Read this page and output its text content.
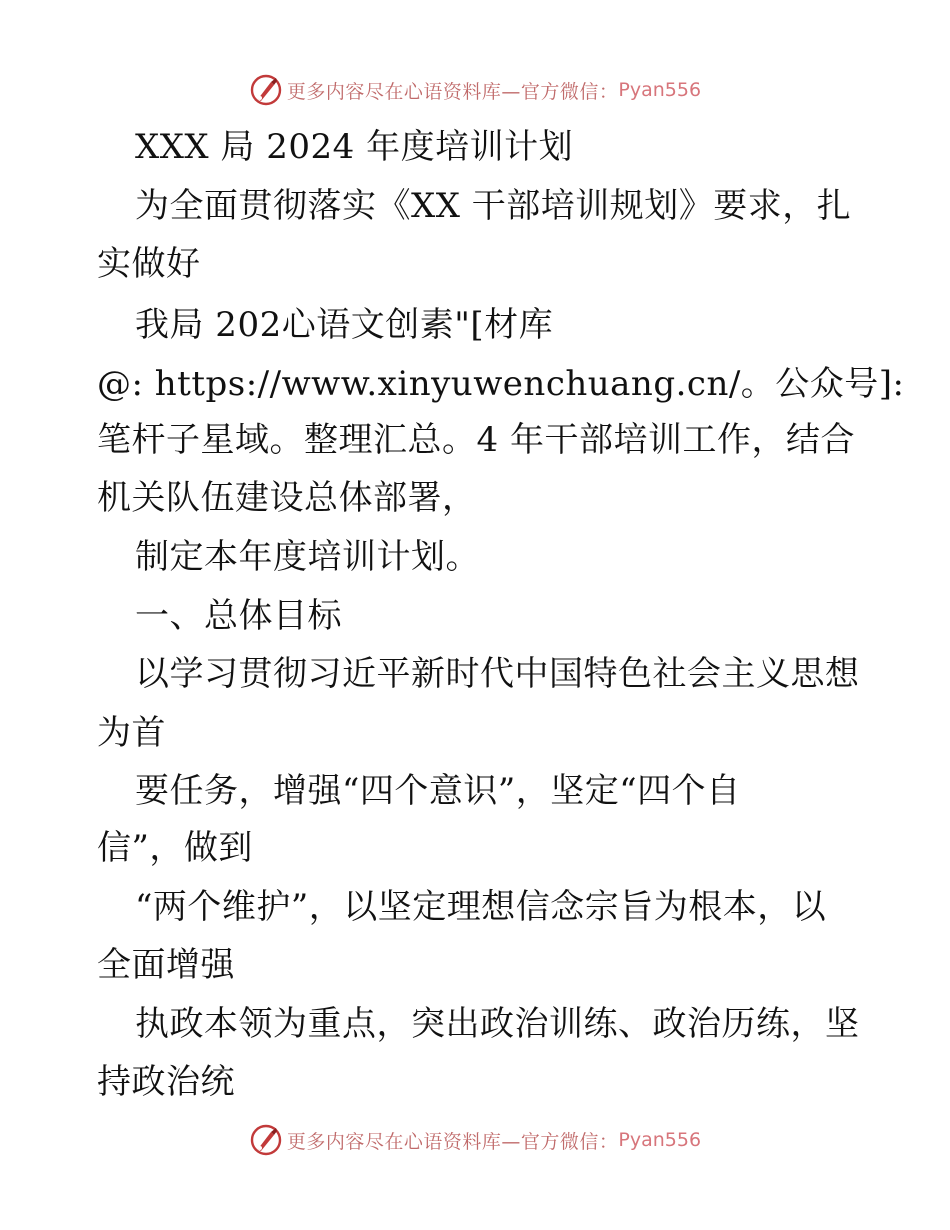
更多内容尽在心语资料库—官方微信： Pyan556
XXX 局 2024 年度培训计划
为全面贯彻落实《XX 干部培训规划》要求，扎
实做好
我局 202心语文创素"[材库
@: https://www.xinyuwenchuang.cn/。公众号]:
笔杆子星域。整理汇总。4 年干部培训工作，结合
机关队伍建设总体部署，
制定本年度培训计划。
一、总体目标
以学习贯彻习近平新时代中国特色社会主义思想
为首
要任务，增强“四个意识”，坚定“四个自
信”，做到
“两个维护”，以坚定理想信念宗旨为根本，以
全面增强
执政本领为重点，突出政治训练、政治历练，坚
持政治统
更多内容尽在心语资料库—官方微信： Pyan556
